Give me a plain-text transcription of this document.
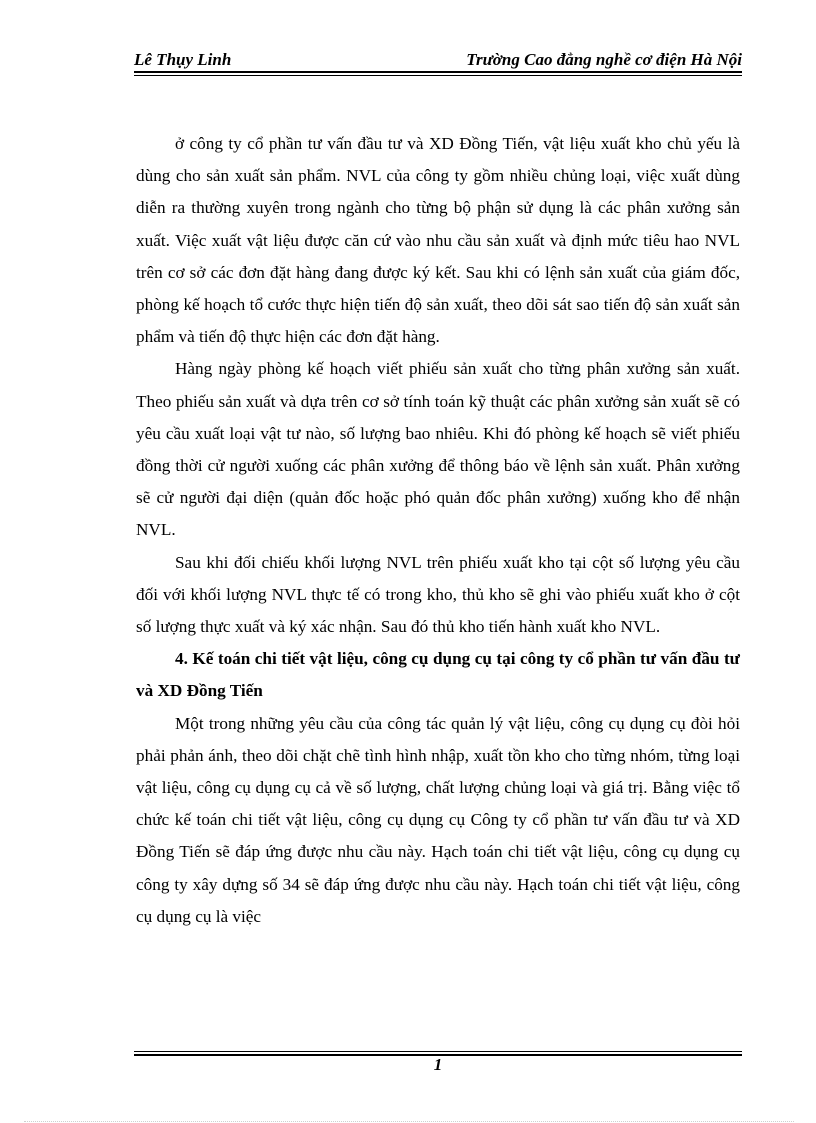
Lê Thụy Linh	Trường Cao đẳng nghề cơ điện Hà Nội

ở công ty cổ phần tư vấn đầu tư và XD Đồng Tiến, vật liệu xuất kho chủ yếu là dùng cho sản xuất sản phẩm. NVL của công ty gồm nhiều chủng loại, việc xuất dùng diễn ra thường xuyên trong ngành cho từng bộ phận sử dụng là các phân xưởng sản xuất. Việc xuất vật liệu được căn cứ vào nhu cầu sản xuất và định mức tiêu hao NVL trên cơ sở các đơn đặt hàng đang được ký kết. Sau khi có lệnh sản xuất của giám đốc, phòng kế hoạch tổ cước thực hiện tiến độ sản xuất, theo dõi sát sao tiến độ sản xuất sản phẩm và tiến độ thực hiện các đơn đặt hàng.

Hàng ngày phòng kế hoạch viết phiếu sản xuất cho từng phân xưởng sản xuất. Theo phiếu sản xuất và dựa trên cơ sở tính toán kỹ thuật các phân xưởng sản xuất sẽ có yêu cầu xuất loại vật tư nào, số lượng bao nhiêu. Khi đó phòng kế hoạch sẽ viết phiếu đồng thời cử người xuống các phân xưởng để thông báo về lệnh sản xuất. Phân xưởng sẽ cử người đại diện (quản đốc hoặc phó quản đốc phân xưởng) xuống kho để nhận NVL.

Sau khi đối chiếu khối lượng NVL trên phiếu xuất kho tại cột số lượng yêu cầu đối với khối lượng NVL thực tế có trong kho, thủ kho sẽ ghi vào phiếu xuất kho ở cột số lượng thực xuất và ký xác nhận. Sau đó thủ kho tiến hành xuất kho NVL.

4. Kế toán chi tiết vật liệu, công cụ dụng cụ tại công ty cổ phần tư vấn đầu tư và XD Đồng Tiến

Một trong những yêu cầu của công tác quản lý vật liệu, công cụ dụng cụ đòi hỏi phải phản ánh, theo dõi chặt chẽ tình hình nhập, xuất tồn kho cho từng nhóm, từng loại vật liệu, công cụ dụng cụ cả về số lượng, chất lượng chủng loại và giá trị. Bằng việc tổ chức kế toán chi tiết vật liệu, công cụ dụng cụ Công ty cổ phần tư vấn đầu tư và XD Đồng Tiến sẽ đáp ứng được nhu cầu này. Hạch toán chi tiết vật liệu, công cụ dụng cụ công ty xây dựng số 34 sẽ đáp ứng được nhu cầu này. Hạch toán chi tiết vật liệu, công cụ dụng cụ là việc

1
